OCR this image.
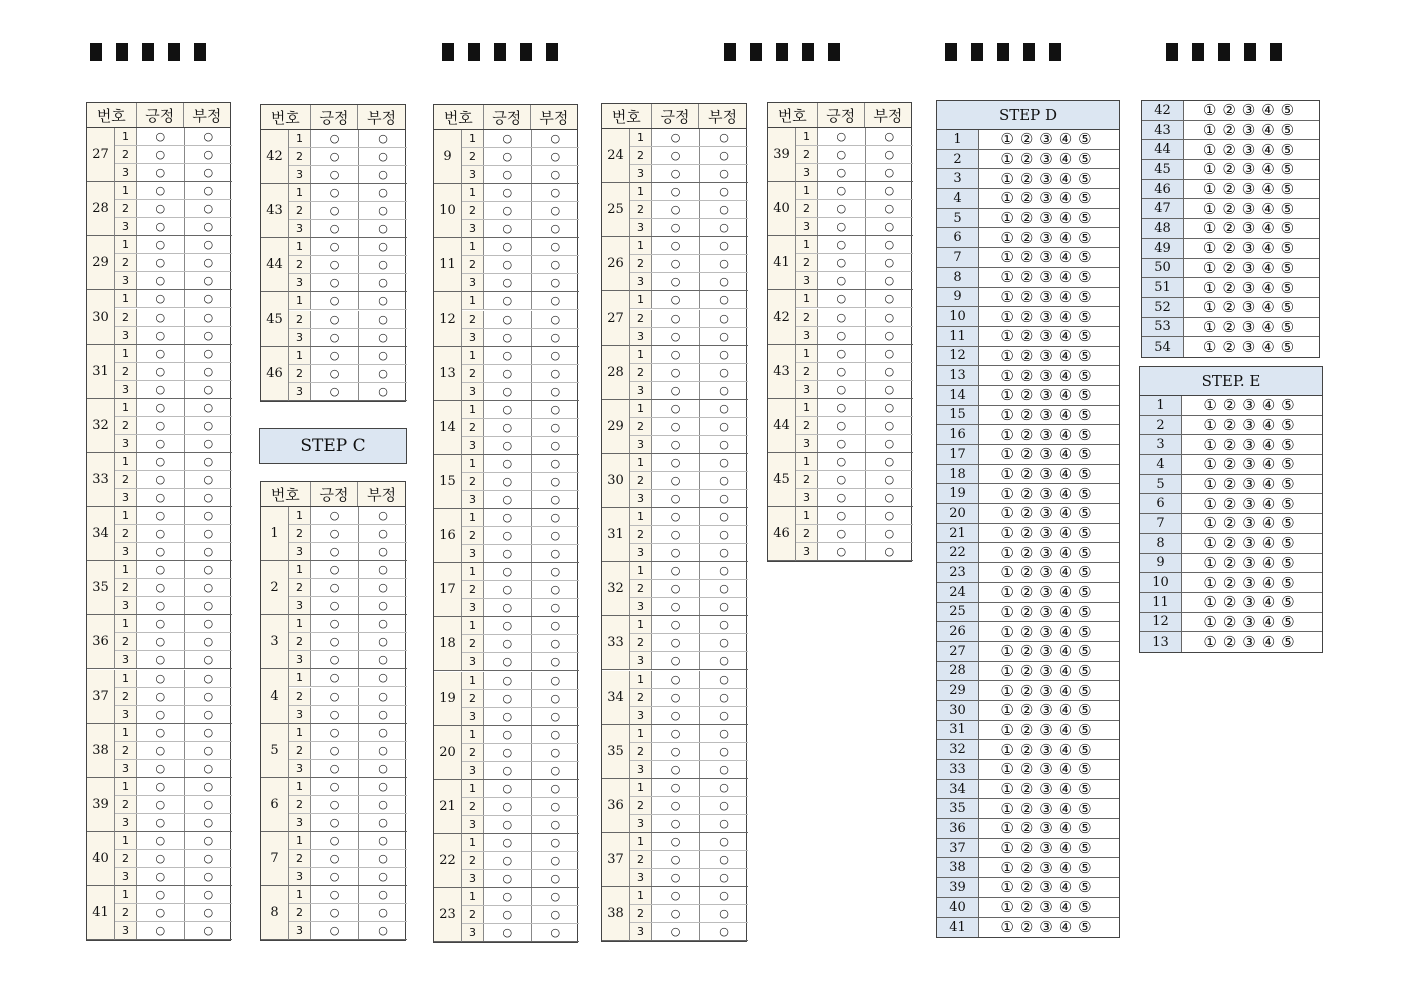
번호	긍정	부정
27
1	○	○
2	○	○
3	○	○
28
1	○	○
2	○	○
3	○	○
29
1	○	○
2	○	○
3	○	○
30
1	○	○
2	○	○
3	○	○
31
1	○	○
2	○	○
3	○	○
32
1	○	○
2	○	○
3	○	○
33
1	○	○
2	○	○
3	○	○
34
1	○	○
2	○	○
3	○	○
35
1	○	○
2	○	○
3	○	○
36
1	○	○
2	○	○
3	○	○
37
1	○	○
2	○	○
3	○	○
38
1	○	○
2	○	○
3	○	○
39
1	○	○
2	○	○
3	○	○
40
1	○	○
2	○	○
3	○	○
41
1	○	○
2	○	○
3	○	○
번호	긍정	부정
42
1	○	○
2	○	○
3	○	○
43
1	○	○
2	○	○
3	○	○
44
1	○	○
2	○	○
3	○	○
45
1	○	○
2	○	○
3	○	○
46
1	○	○
2	○	○
3	○	○
STEP C
번호	긍정	부정
1
1	○	○
2	○	○
3	○	○
2
1	○	○
2	○	○
3	○	○
3
1	○	○
2	○	○
3	○	○
4
1	○	○
2	○	○
3	○	○
5
1	○	○
2	○	○
3	○	○
6
1	○	○
2	○	○
3	○	○
7
1	○	○
2	○	○
3	○	○
8
1	○	○
2	○	○
3	○	○
번호	긍정	부정
9
1	○	○
2	○	○
3	○	○
10
1	○	○
2	○	○
3	○	○
11
1	○	○
2	○	○
3	○	○
12
1	○	○
2	○	○
3	○	○
13
1	○	○
2	○	○
3	○	○
14
1	○	○
2	○	○
3	○	○
15
1	○	○
2	○	○
3	○	○
16
1	○	○
2	○	○
3	○	○
17
1	○	○
2	○	○
3	○	○
18
1	○	○
2	○	○
3	○	○
19
1	○	○
2	○	○
3	○	○
20
1	○	○
2	○	○
3	○	○
21
1	○	○
2	○	○
3	○	○
22
1	○	○
2	○	○
3	○	○
23
1	○	○
2	○	○
3	○	○
번호	긍정	부정
24
1	○	○
2	○	○
3	○	○
25
1	○	○
2	○	○
3	○	○
26
1	○	○
2	○	○
3	○	○
27
1	○	○
2	○	○
3	○	○
28
1	○	○
2	○	○
3	○	○
29
1	○	○
2	○	○
3	○	○
30
1	○	○
2	○	○
3	○	○
31
1	○	○
2	○	○
3	○	○
32
1	○	○
2	○	○
3	○	○
33
1	○	○
2	○	○
3	○	○
34
1	○	○
2	○	○
3	○	○
35
1	○	○
2	○	○
3	○	○
36
1	○	○
2	○	○
3	○	○
37
1	○	○
2	○	○
3	○	○
38
1	○	○
2	○	○
3	○	○
번호	긍정	부정
39
1	○	○
2	○	○
3	○	○
40
1	○	○
2	○	○
3	○	○
41
1	○	○
2	○	○
3	○	○
42
1	○	○
2	○	○
3	○	○
43
1	○	○
2	○	○
3	○	○
44
1	○	○
2	○	○
3	○	○
45
1	○	○
2	○	○
3	○	○
46
1	○	○
2	○	○
3	○	○
STEP D
1	①②③④⑤
2	①②③④⑤
3	①②③④⑤
4	①②③④⑤
5	①②③④⑤
6	①②③④⑤
7	①②③④⑤
8	①②③④⑤
9	①②③④⑤
10	①②③④⑤
11	①②③④⑤
12	①②③④⑤
13	①②③④⑤
14	①②③④⑤
15	①②③④⑤
16	①②③④⑤
17	①②③④⑤
18	①②③④⑤
19	①②③④⑤
20	①②③④⑤
21	①②③④⑤
22	①②③④⑤
23	①②③④⑤
24	①②③④⑤
25	①②③④⑤
26	①②③④⑤
27	①②③④⑤
28	①②③④⑤
29	①②③④⑤
30	①②③④⑤
31	①②③④⑤
32	①②③④⑤
33	①②③④⑤
34	①②③④⑤
35	①②③④⑤
36	①②③④⑤
37	①②③④⑤
38	①②③④⑤
39	①②③④⑤
40	①②③④⑤
41	①②③④⑤
42	①②③④⑤
43	①②③④⑤
44	①②③④⑤
45	①②③④⑤
46	①②③④⑤
47	①②③④⑤
48	①②③④⑤
49	①②③④⑤
50	①②③④⑤
51	①②③④⑤
52	①②③④⑤
53	①②③④⑤
54	①②③④⑤
STEP. E
1	①②③④⑤
2	①②③④⑤
3	①②③④⑤
4	①②③④⑤
5	①②③④⑤
6	①②③④⑤
7	①②③④⑤
8	①②③④⑤
9	①②③④⑤
10	①②③④⑤
11	①②③④⑤
12	①②③④⑤
13	①②③④⑤
